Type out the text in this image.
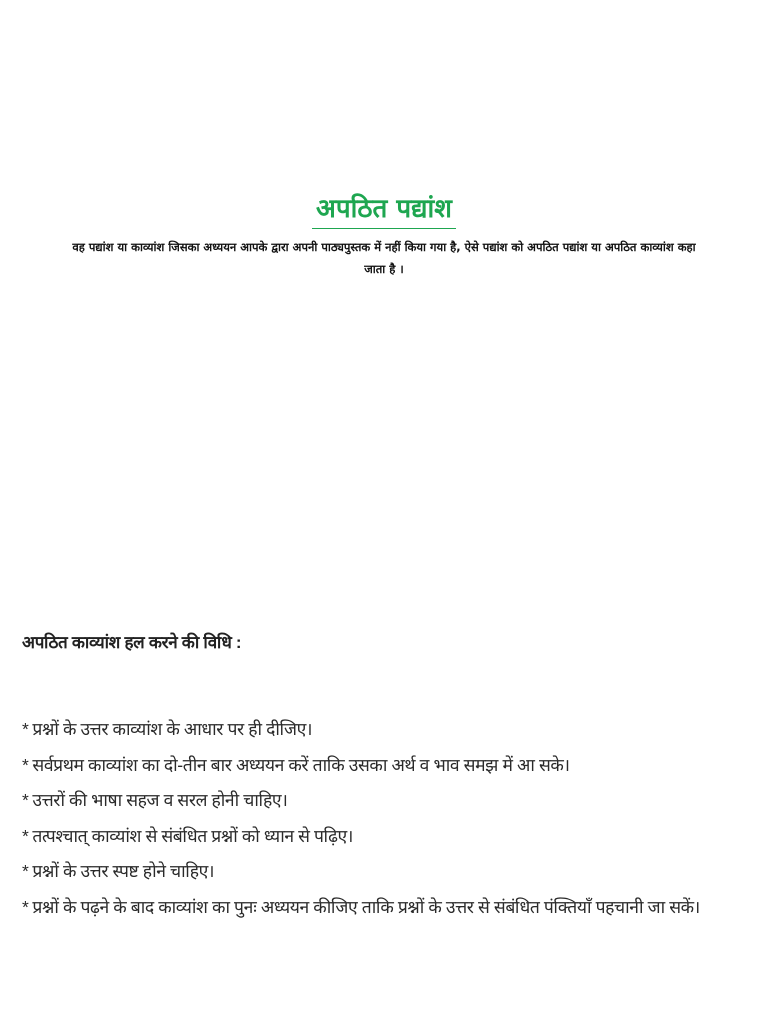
अपठित पद्यांश

वह पद्यांश या काव्यांश जिसका अध्ययन आपके द्वारा अपनी पाठ्यपुस्तक में नहीं किया गया है, ऐसे पद्यांश को अपठित पद्यांश या अपठित काव्यांश कहा जाता है ।

अपठित काव्यांश हल करने की विधि :
* प्रश्नों के उत्तर काव्यांश के आधार पर ही दीजिए।
* सर्वप्रथम काव्यांश का दो-तीन बार अध्ययन करें ताकि उसका अर्थ व भाव समझ में आ सके।
* उत्तरों की भाषा सहज व सरल होनी चाहिए।
* तत्पश्चात् काव्यांश से संबंधित प्रश्नों को ध्यान से पढ़िए।
* प्रश्नों के उत्तर स्पष्ट होने चाहिए।
* प्रश्नों के पढ़ने के बाद काव्यांश का पुनः अध्ययन कीजिए ताकि प्रश्नों के उत्तर से संबंधित पंक्तियाँ पहचानी जा सकें।
